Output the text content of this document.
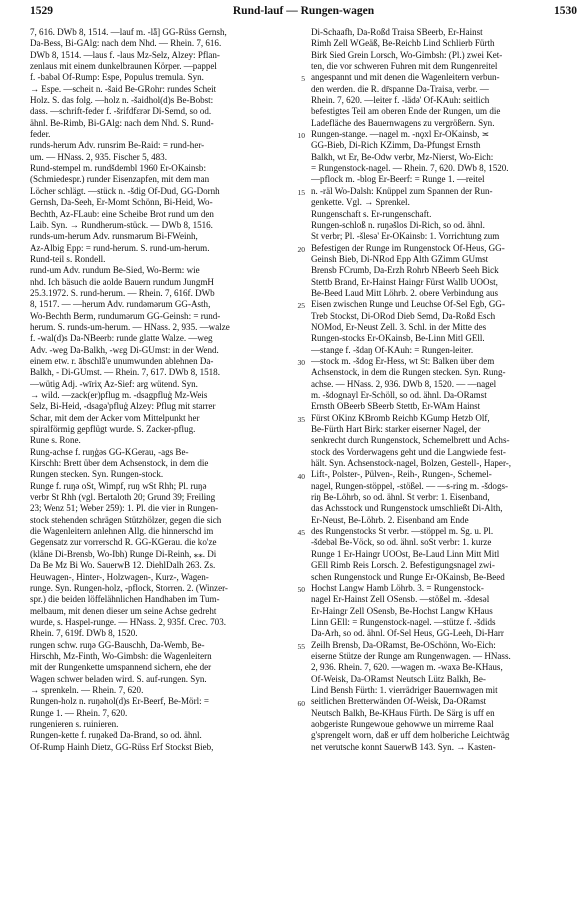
1529	Rund-lauf — Rungen-wagen	1530
7, 616. DWb 8, 1514. —lauf m. -lǟ] GG-Rüss Gernsh,
Da-Bess, Bi-GAlg: nach dem Nhd. — Rhein. 7, 616.
DWb 8, 1514. —laus f. -laus Mz-Selz, Alzey: Pflan-
zenlaus mit einem dunkelbraunen Körper. —pappel
f. -babǝl Of-Rump: Espe, Populus tremula. Syn.
→ Espe. —scheit n. -šaid Be-GRohr: rundes Scheit
Holz. S. das folg. —holz n. -šaidhol(d)s Be-Bobst:
dass. —schrift-feder f. -šrifdfɛrǝr Di-Semd, so od.
ähnl. Be-Rimb, Bi-GAlg: nach dem Nhd. S. Rund-
feder.
runds-herum Adv. runsrim Be-Raid: = rund-her-
um. — HNass. 2, 935. Fischer 5, 483.
Rund-stempel m. rundšdembl 1960 Er-OKainsb:
(Schmiedespr.) runder Eisenzapfen, mit dem man
Löcher schlägt. —stück n. -šdig Of-Dud, GG-Dornh
Gernsh, Da-Seeh, Er-Momt Schönn, Bi-Heid, Wo-
Bechth, Az-FLaub: eine Scheibe Brot rund um den
Laib. Syn. → Rundherum-stück. — DWb 8, 1516.
runds-um-herum Adv. runsmǝrum Bi-FWeinh,
Az-Albig Epp: = rund-herum. S. rund-um-herum.
Rund-teil s. Rondell.
rund-um Adv. rundum Be-Sied, Wo-Berm: wie
nhd. Ich bäsuch die aolde Bauern rundum JungmH
25.3.1972. S. rund-herum. — Rhein. 7, 616f. DWb
8, 1517. — —herum Adv. rundǝmǝrum GG-Asth,
Wo-Bechth Berm, rundumǝrum GG-Geinsh: = rund-
herum. S. runds-um-herum. — HNass. 2, 935. —walze
f. -wal(d)s Da-NBeerb: runde glatte Walze. —weg
Adv. -weg Da-Balkh, -wɛg Di-GUmst: in der Wend.
einem etw. r. ābschlǟ'e unumwunden ablehnen Da-
Balkh, - Di-GUmst. — Rhein. 7, 617. DWb 8, 1518.
—wütig Adj. -wīriҳ Az-Sief: arg wütend. Syn.
→ wild. —zack(er)pflug m. -dsagpfluġ Mz-Weis
Selz, Bi-Heid, -dsagǝ'pfluġ Alzey: Pflug mit starrer
Schar, mit dem der Acker vom Mittelpunkt her
spiralförmig gepflügt wurde. S. Zacker-pflug.
Rune s. Rone.
Rung-achse f. ruŋġǝs GG-KGerau, -ags Be-
Kirschh: Brett über dem Achsenstock, in dem die
Rungen stecken. Syn. Rungen-stock.
Runge f. ruŋǝ oSt, Wimpf, ruŋ wSt Rhh; Pl. ruŋǝ
verbr St Rhh (vgl. Bertaloth 20; Grund 39; Freiling
23; Wenz 51; Weber 259): 1. Pl. die vier in Rungen-
stock stehenden schrägen Stützhölzer, gegen die sich
die Wagenleitern anlehnen Allg. die hinnerschd im
Gegensatz zur vorrerschd R. GG-KGerau. die ko'ze
(kläne Di-Brensb, Wo-Ibh) Runge Di-Reinh, ⁎⁎. Di
Da Be Mz Bi Wo. SauerwB 12. DiehlDalh 263. Zs.
Heuwagen-, Hinter-, Holzwagen-, Kurz-, Wagen-
runge. Syn. Rungen-holz, -pflock, Storren. 2. (Winzer-
spr.) die beiden löffelähnlichen Handhaben im Tum-
melbaum, mit denen dieser um seine Achse gedreht
wurde, s. Haspel-runge. — HNass. 2, 935f. Crec. 703.
Rhein. 7, 619f. DWb 8, 1520.
rungen schw. ruŋǝ GG-Bauschh, Da-Wemb, Be-
Hirschh, Mz-Finth, Wo-Gimbsh: die Wagenleitern
mit der Rungenkette umspannend sichern, ehe der
Wagen schwer beladen wird. S. auf-rungen. Syn.
→ sprenkeln. — Rhein. 7, 620.
Rungen-holz n. ruŋǝhol(d)s Er-Beerf, Be-Mörl: =
Runge 1. — Rhein. 7, 620.
rungenieren s. ruinieren.
Rungen-kette f. ruŋǝkeḋ Da-Brand, so od. ähnl.
Of-Rump Hainh Dietz, GG-Rüss Erf Stockst Bieb,
5
10
15
20
25
30
35
40
45
50
55
60
Di-Schaafh, Da-Roßd Traisa SBeerb, Er-Hainst
Rimh Zell WGeäß, Be-Reichb Lind Schlierb Fürth
Birk Sied Grein Lorsch, Wo-Gimbsh: (Pl.) zwei Ket-
ten, die vor schweren Fuhren mit dem Rungenreitel
angespannt und mit denen die Wagenleitern verbun-
den werden. die R. dr̄spanne Da-Traisa, verbr. —
Rhein. 7, 620. —leiter f. -lädǝ' Of-KAuh: seitlich
befestigtes Teil am oberen Ende der Rungen, um die
Ladefläche des Bauernwagens zu vergrößern. Syn.
Rungen-stange. —nagel m. -nǫxl Er-OKainsb, ≍
GG-Bieb, Di-Rich KZimm, Da-Pfungst Ernsth
Balkh, wt Er, Be-Odw verbr, Mz-Nierst, Wo-Eich:
= Rungenstock-nagel. — Rhein. 7, 620. DWb 8, 1520.
—pflock m. -blog Er-Beerf: = Runge 1. —reitel
n. -räl Wo-Dalsh: Knüppel zum Spannen der Run-
genkette. Vgl. → Sprenkel.
Rungenschaft s. Er-rungenschaft.
Rungen-schloß n. ruŋǝšlos Di-Rich, so od. ähnl.
St verbr; Pl. -šlesǝ' Er-OKainsb: 1. Vorrichtung zum
Befestigen der Runge im Rungenstock Of-Heus, GG-
Geinsh Bieb, Di-NRod Epp Alth GZimm GUmst
Brensb FCrumb, Da-Erzh Rohrb NBeerb Seeh Bick
Stettb Brand, Er-Hainst Haingr Fürst Wallb UOOst,
Be-Beed Laud Mitt Löhrb. 2. obere Verbindung aus
Eisen zwischen Runge und Leuchse Of-Sel Egb, GG-
Treb Stockst, Di-ORod Dieb Semd, Da-Roßd Esch
NOMod, Er-Neust Zell. 3. Schl. in der Mitte des
Rungen-stocks Er-OKainsb, Be-Linn Mitl GEll.
—stange f. -šdaŋ Of-KAuh: = Rungen-leiter.
—stock m. -šdog Er-Hess, wt St: Balken über dem
Achsenstock, in dem die Rungen stecken. Syn. Rung-
achse. — HNass. 2, 936. DWb 8, 1520. — —nagel
m. -šdognayl Er-Schöll, so od. ähnl. Da-ORamst
Ernsth OBeerb SBeerb Stettb, Er-WAm Hainst
Fürst OKinz KBromb Reichb KGump Hetzb Olf,
Be-Fürth Hart Birk: starker eiserner Nagel, der
senkrecht durch Rungenstock, Schemelbrett und Achs-
stock des Vorderwagens geht und die Langwiede fest-
hält. Syn. Achsenstock-nagel, Bolzen, Gestell-, Haper-,
Lift-, Polster-, Pülven-, Reih-, Rungen-, Schemel-
nagel, Rungen-stöppel, -stößel. — —s-ring m. -šdogs-
riŋ Be-Löhrb, so od. ähnl. St verbr: 1. Eisenband,
das Achsstock und Rungenstock umschließt Di-Alth,
Er-Neust, Be-Löhrb. 2. Eisenband am Ende
des Rungenstocks St verbr. —stöppel m. Sg. u. Pl.
-šdebǝl Be-Vöck, so od. ähnl. soSt verbr: 1. kurze
Runge 1 Er-Haingr UOOst, Be-Laud Linn Mitt Mitl
GEll Rimb Reis Lorsch. 2. Befestigungsnagel zwi-
schen Rungenstock und Runge Er-OKainsb, Be-Beed
Hochst Langw Hamb Löhrb. 3. = Rungenstock-
nagel Er-Hainst Zell OSensb. —stößel m. -šdesǝl
Er-Haingr Zell OSensb, Be-Hochst Langw KHaus
Linn GEll: = Rungenstock-nagel. —stütze f. -šdids
Da-Arh, so od. ähnl. Of-Sel Heus, GG-Leeh, Di-Harr
Zeilh Brensb, Da-ORamst, Be-OSchönn, Wo-Eich:
eiserne Stütze der Runge am Rungenwagen. — HNass.
2, 936. Rhein. 7, 620. —wagen m. -waxǝ Be-KHaus,
Of-Weisk, Da-ORamst Neutsch Lütz Balkh, Be-
Lind Bensh Fürth: 1. vierrädriger Bauernwagen mit
seitlichen Bretterwänden Of-Weisk, Da-ORamst
Neutsch Balkh, Be-KHaus Fürth. De Särg is uff en
aobgeriste Rungewoue gehowwe un mirreme Raal
g'sprengelt worn, daß er uff dem holberiche Leichtwäg
net verutsche konnt SauerwB 143. Syn. → Kasten-
